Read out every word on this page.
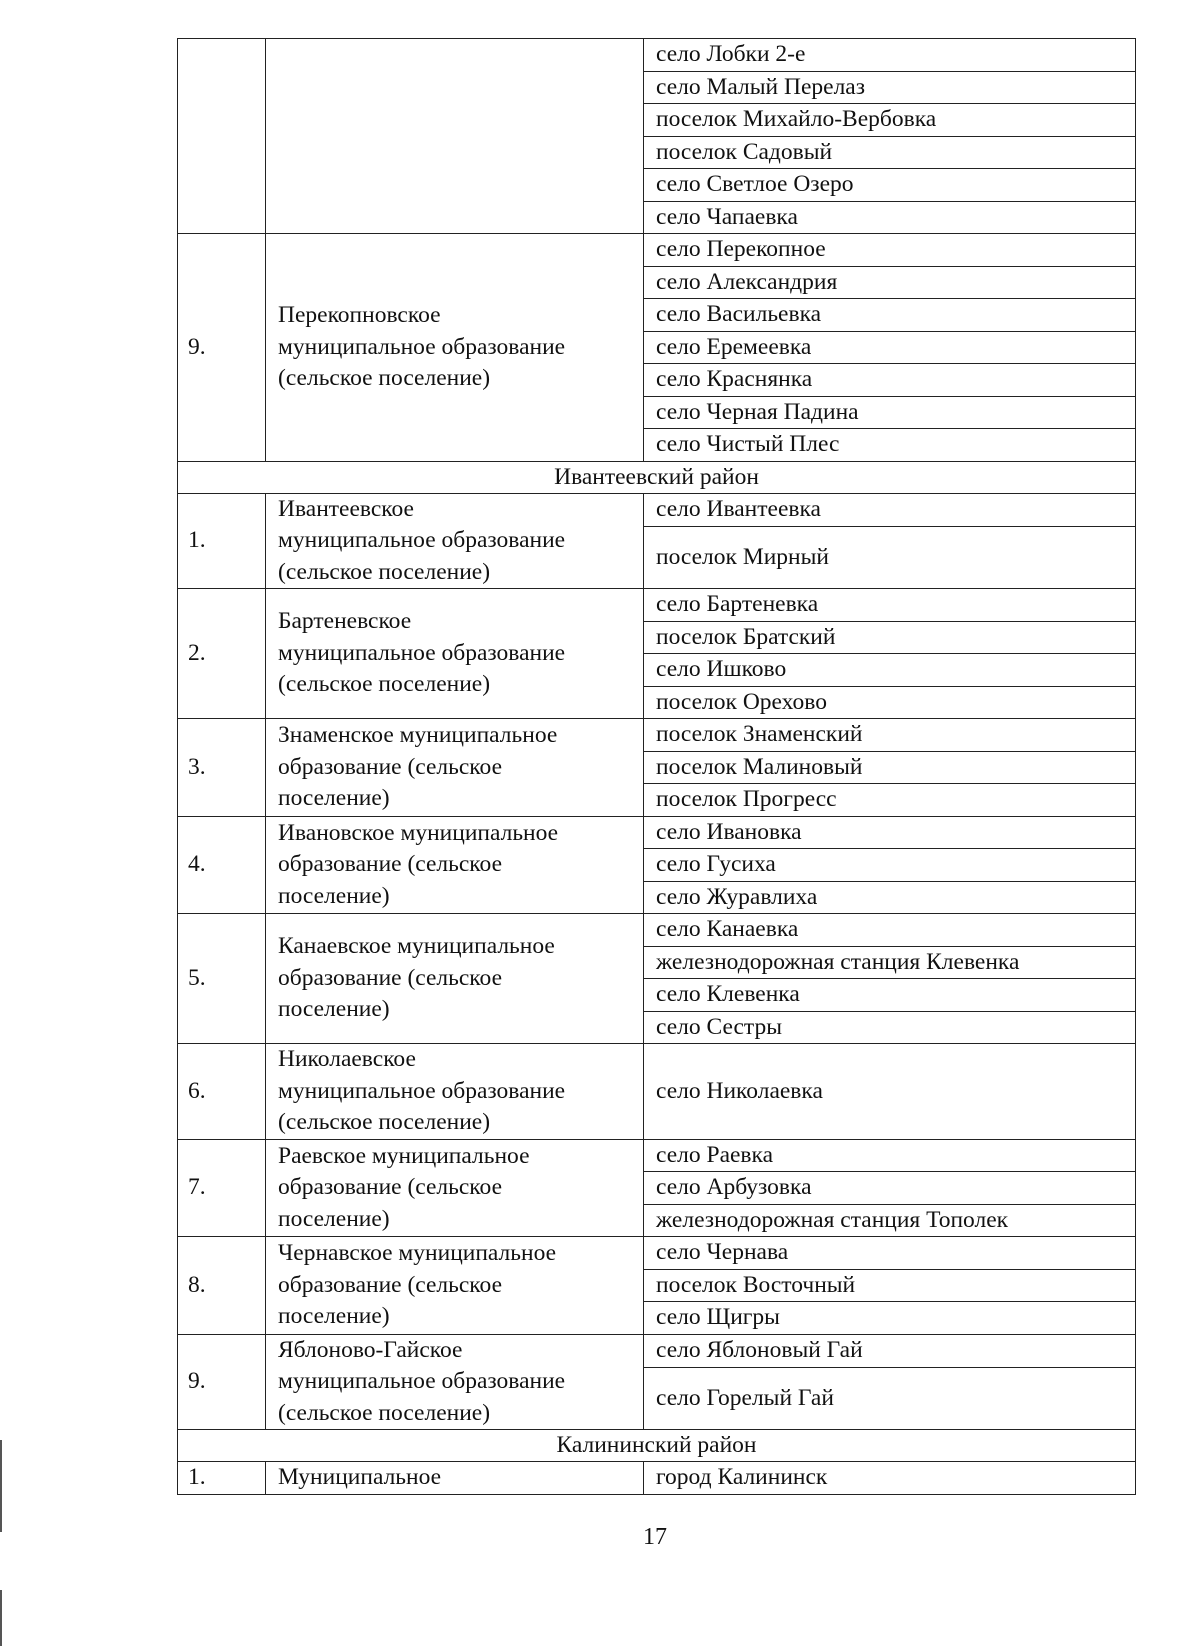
		село Лобки 2-е
		село Малый Перелаз
		поселок Михайло-Вербовка
		поселок Садовый
		село Светлое Озеро
		село Чапаевка
9.	Перекопновское
муниципальное образование
(сельское поселение)	село Перекопное
		село Александрия
		село Васильевка
		село Еремеевка
		село Краснянка
		село Черная Падина
		село Чистый Плес
Ивантеевский район		
1.	Ивантеевское
муниципальное образование
(сельское поселение)	село Ивантеевка
		поселок Мирный
2.	Бартеневское
муниципальное образование
(сельское поселение)	село Бартеневка
		поселок Братский
		село Ишково
		поселок Орехово
3.	Знаменское муниципальное
образование (сельское
поселение)	поселок Знаменский
		поселок Малиновый
		поселок Прогресс
4.	Ивановское муниципальное
образование (сельское
поселение)	село Ивановка
		село Гусиха
		село Журавлиха
5.	Канаевское муниципальное
образование (сельское
поселение)	село Канаевка
		железнодорожная станция Клевенка
		село Клевенка
		село Сестры
6.	Николаевское
муниципальное образование
(сельское поселение)	село Николаевка
7.	Раевское муниципальное
образование (сельское
поселение)	село Раевка
		село Арбузовка
		железнодорожная станция Тополек
8.	Чернавское муниципальное
образование (сельское
поселение)	село Чернава
		поселок Восточный
		село Щигры
9.	Яблоново-Гайское
муниципальное образование
(сельское поселение)	село Яблоновый Гай
		село Горелый Гай
Калининский район		
1.	Муниципальное	город Калининск
17
